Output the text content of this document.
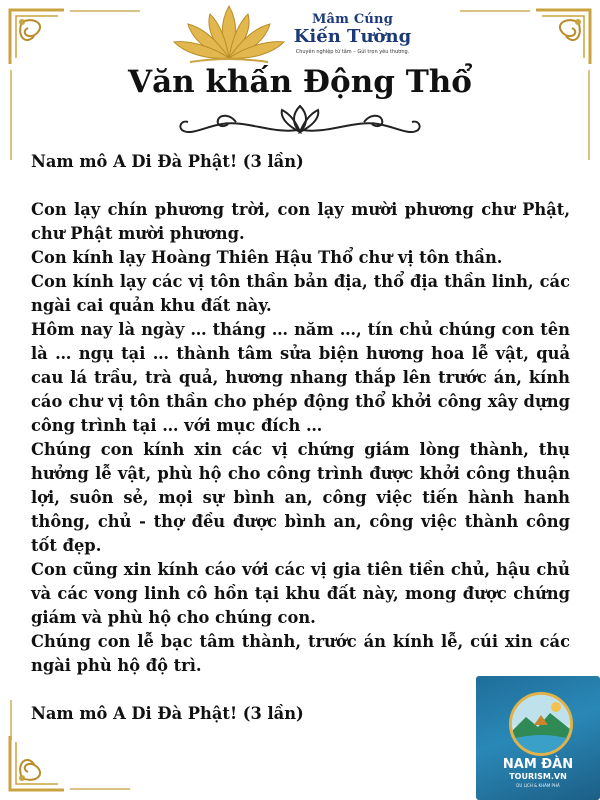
Mâm Cúng
Kiến Tường
Chuyên nghiệp từ tâm – Gửi trọn yêu thương.
Văn khấn Động Thổ

Nam mô A Di Đà Phật! (3 lần)

Con lạy chín phương trời, con lạy mười phương chư Phật, chư Phật mười phương.

Con kính lạy Hoàng Thiên Hậu Thổ chư vị tôn thần.

Con kính lạy các vị tôn thần bản địa, thổ địa thần linh, các ngài cai quản khu đất này.

Hôm nay là ngày … tháng … năm …, tín chủ chúng con tên là … ngụ tại … thành tâm sửa biện hương hoa lễ vật, quả cau lá trầu, trà quả, hương nhang thắp lên trước án, kính cáo chư vị tôn thần cho phép động thổ khởi công xây dựng công trình tại … với mục đích …

Chúng con kính xin các vị chứng giám lòng thành, thụ hưởng lễ vật, phù hộ cho công trình được khởi công thuận lợi, suôn sẻ, mọi sự bình an, công việc tiến hành hanh thông, chủ - thợ đều được bình an, công việc thành công tốt đẹp.

Con cũng xin kính cáo với các vị gia tiên tiền chủ, hậu chủ và các vong linh cô hồn tại khu đất này, mong được chứng giám và phù hộ cho chúng con.

Chúng con lễ bạc tâm thành, trước án kính lễ, cúi xin các ngài phù hộ độ trì.

Nam mô A Di Đà Phật! (3 lần)

NAM ĐÀN
TOURISM.VN
DU LỊCH & KHÁM PHÁ
